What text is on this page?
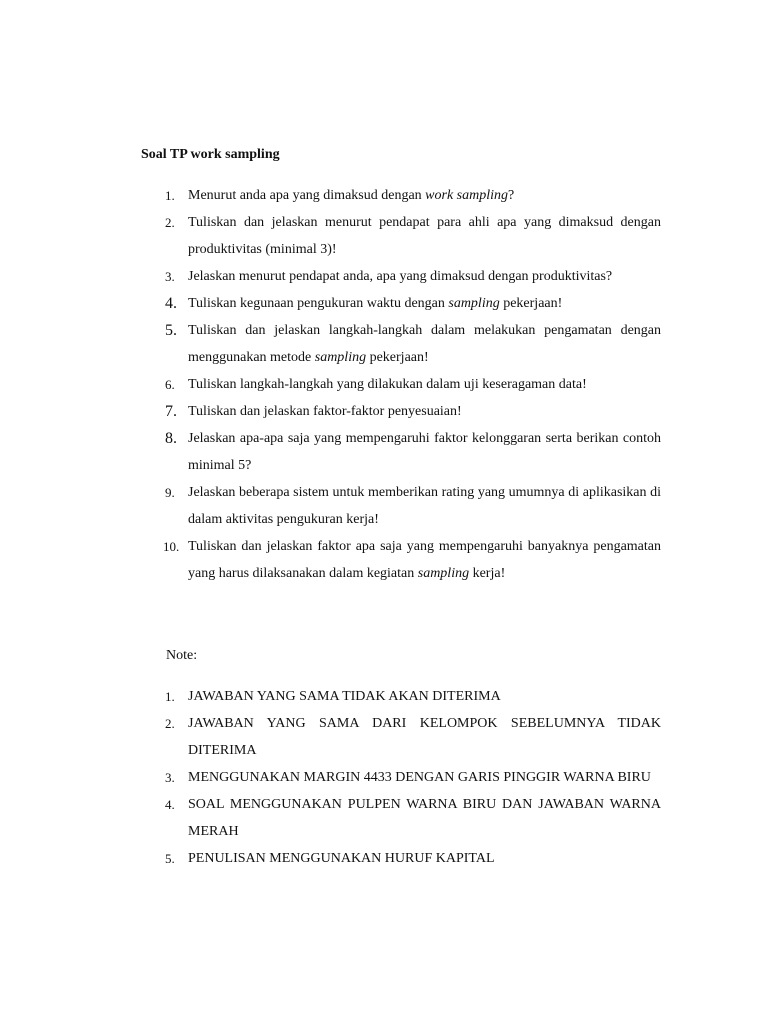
Soal TP work sampling
1. Menurut anda apa yang dimaksud dengan work sampling?
2. Tuliskan dan jelaskan menurut pendapat para ahli apa yang dimaksud dengan produktivitas (minimal 3)!
3. Jelaskan menurut pendapat anda, apa yang dimaksud dengan produktivitas?
4. Tuliskan kegunaan pengukuran waktu dengan sampling pekerjaan!
5. Tuliskan dan jelaskan langkah-langkah dalam melakukan pengamatan dengan menggunakan metode sampling pekerjaan!
6. Tuliskan langkah-langkah yang dilakukan dalam uji keseragaman data!
7. Tuliskan dan jelaskan faktor-faktor penyesuaian!
8. Jelaskan apa-apa saja yang mempengaruhi faktor kelonggaran serta berikan contoh minimal 5?
9. Jelaskan beberapa sistem untuk memberikan rating yang umumnya di aplikasikan di dalam aktivitas pengukuran kerja!
10. Tuliskan dan jelaskan faktor apa saja yang mempengaruhi banyaknya pengamatan yang harus dilaksanakan dalam kegiatan sampling kerja!

Note:

1. JAWABAN YANG SAMA TIDAK AKAN DITERIMA
2. JAWABAN YANG SAMA DARI KELOMPOK SEBELUMNYA TIDAK DITERIMA
3. MENGGUNAKAN MARGIN 4433 DENGAN GARIS PINGGIR WARNA BIRU
4. SOAL MENGGUNAKAN PULPEN WARNA BIRU DAN JAWABAN WARNA MERAH
5. PENULISAN MENGGUNAKAN HURUF KAPITAL
